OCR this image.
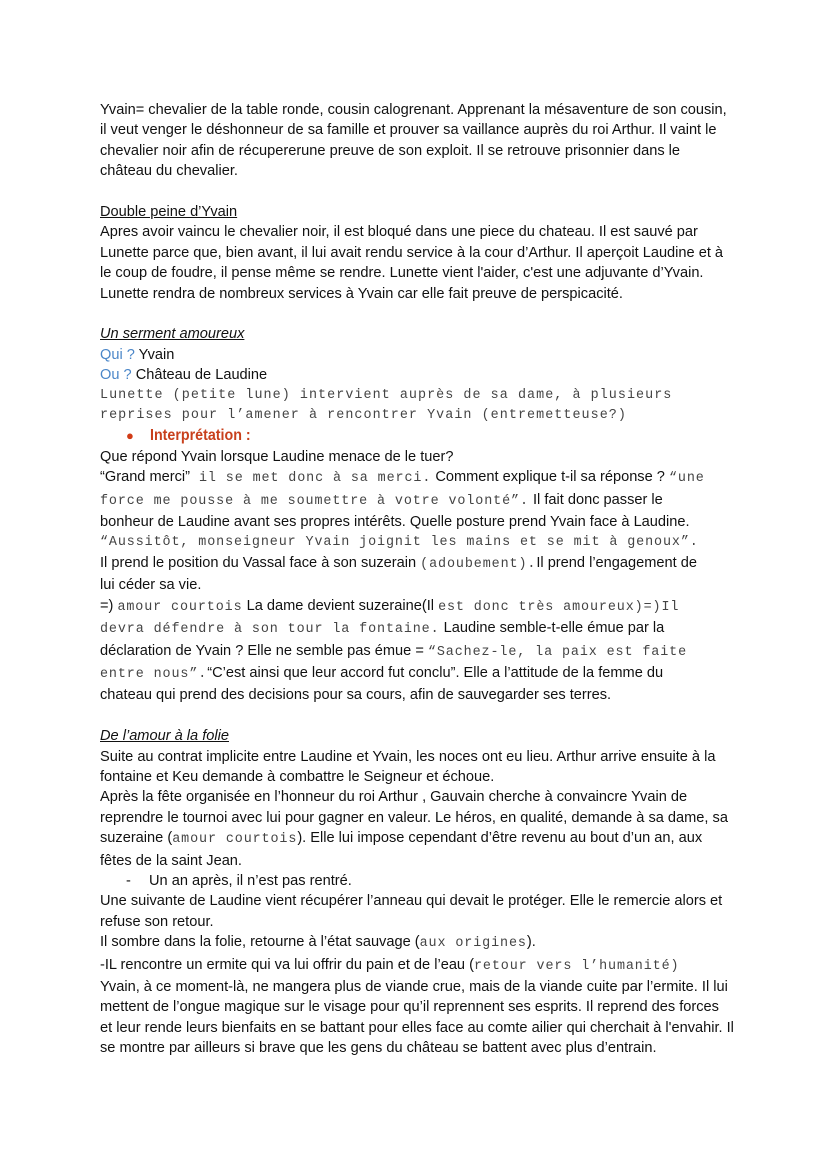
Yvain= chevalier de la table ronde, cousin calogrenant. Apprenant la mésaventure de son cousin, il veut venger le déshonneur de sa famille et prouver sa vaillance auprès du roi Arthur. Il vaint le chevalier noir afin de récupererune preuve de son exploit. Il se retrouve prisonnier dans le château du chevalier.

Double peine d’Yvain

Apres avoir vaincu le chevalier noir, il est bloqué dans une piece du chateau. Il est sauvé par Lunette parce que, bien avant, il lui avait rendu service à la cour d’Arthur. Il aperçoit Laudine et à le coup de foudre, il pense même se rendre. Lunette vient l'aider, c'est une adjuvante d’Yvain. Lunette rendra de nombreux services à Yvain car elle fait preuve de perspicacité.

Un serment amoureux

Qui ? Yvain

Ou ? Château de Laudine

Lunette (petite lune) intervient auprès de sa dame, à plusieurs

reprises pour l’amener à rencontrer Yvain (entremetteuse?)

● Interprétation :

Que répond Yvain lorsque Laudine menace de le tuer?

“Grand merci” il se met donc à sa merci. Comment explique t-il sa réponse ? “une

force me pousse à me soumettre à votre volonté”. Il fait donc passer le

bonheur de Laudine avant ses propres intérêts. Quelle posture prend Yvain face à Laudine.

“Aussitôt, monseigneur Yvain joignit les mains et se mit à genoux”.

Il prend le position du Vassal face à son suzerain (adoubement).Il prend l’engagement de

lui céder sa vie.

=) amour courtois La dame devient suzeraine(Il est donc très amoureux)=)Il

devra défendre à son tour la fontaine. Laudine semble-t-elle émue par la

déclaration de Yvain ? Elle ne semble pas émue = “Sachez-le, la paix est faite

entre nous”.“C’est ainsi que leur accord fut conclu”. Elle a l’attitude de la femme du

chateau qui prend des decisions pour sa cours, afin de sauvegarder ses terres.

De l’amour à la folie

Suite au contrat implicite entre Laudine et Yvain, les noces ont eu lieu. Arthur arrive ensuite à la fontaine et Keu demande à combattre le Seigneur et échoue.

Après la fête organisée en l’honneur du roi Arthur , Gauvain cherche à convaincre Yvain de reprendre le tournoi avec lui pour gagner en valeur. Le héros, en qualité, demande à sa dame, sa suzeraine (amour courtois). Elle lui impose cependant d’être revenu au bout d’un an, aux fêtes de la saint Jean.

-	Un an après, il n’est pas rentré.

Une suivante de Laudine vient récupérer l’anneau qui devait le protéger. Elle le remercie alors et refuse son retour.

Il sombre dans la folie, retourne à l’état sauvage (aux origines).

-IL rencontre un ermite qui va lui offrir du pain et de l’eau (retour vers l’humanité)

Yvain, à ce moment-là, ne mangera plus de viande crue, mais de la viande cuite par l’ermite. Il lui mettent de l’ongue magique sur le visage pour qu’il reprennent ses esprits. Il reprend des forces et leur rende leurs bienfaits en se battant pour elles face au comte ailier qui cherchait à l'envahir. Il se montre par ailleurs si brave que les gens du château se battent avec plus d’entrain.
